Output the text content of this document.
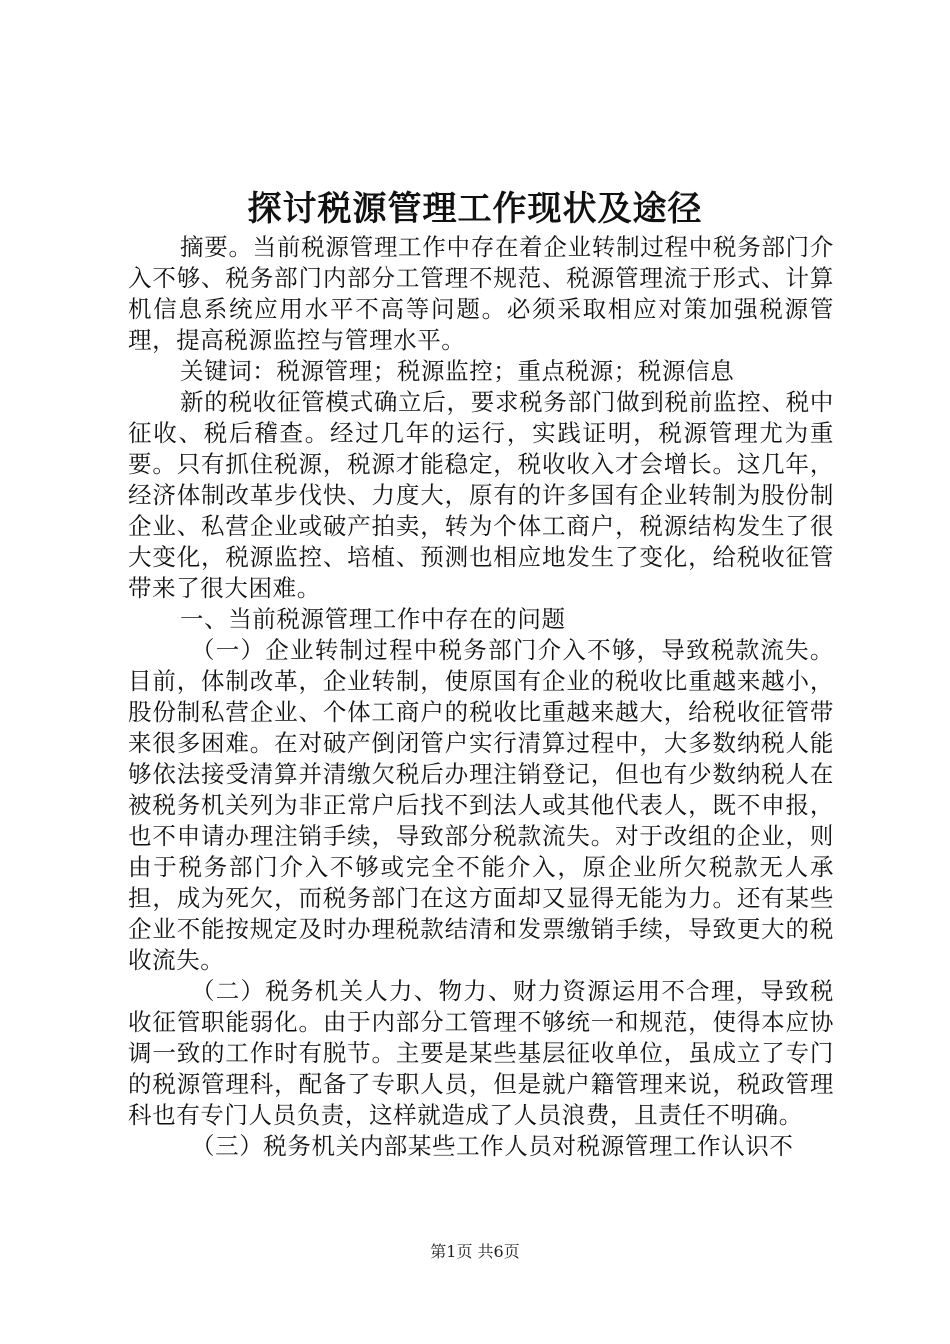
探讨税源管理工作现状及途径

摘要。当前税源管理工作中存在着企业转制过程中税务部门介入不够、税务部门内部分工管理不规范、税源管理流于形式、计算机信息系统应用水平不高等问题。必须采取相应对策加强税源管理，提高税源监控与管理水平。

关键词：税源管理；税源监控；重点税源；税源信息

新的税收征管模式确立后，要求税务部门做到税前监控、税中征收、税后稽查。经过几年的运行，实践证明，税源管理尤为重要。只有抓住税源，税源才能稳定，税收收入才会增长。这几年，经济体制改革步伐快、力度大，原有的许多国有企业转制为股份制企业、私营企业或破产拍卖，转为个体工商户，税源结构发生了很大变化，税源监控、培植、预测也相应地发生了变化，给税收征管带来了很大困难。

一、当前税源管理工作中存在的问题

（一）企业转制过程中税务部门介入不够，导致税款流失。目前，体制改革，企业转制，使原国有企业的税收比重越来越小，股份制私营企业、个体工商户的税收比重越来越大，给税收征管带来很多困难。在对破产倒闭管户实行清算过程中，大多数纳税人能够依法接受清算并清缴欠税后办理注销登记，但也有少数纳税人在被税务机关列为非正常户后找不到法人或其他代表人，既不申报，也不申请办理注销手续，导致部分税款流失。对于改组的企业，则由于税务部门介入不够或完全不能介入，原企业所欠税款无人承担，成为死欠，而税务部门在这方面却又显得无能为力。还有某些企业不能按规定及时办理税款结清和发票缴销手续，导致更大的税收流失。

（二）税务机关人力、物力、财力资源运用不合理，导致税收征管职能弱化。由于内部分工管理不够统一和规范，使得本应协调一致的工作时有脱节。主要是某些基层征收单位，虽成立了专门的税源管理科，配备了专职人员，但是就户籍管理来说，税政管理科也有专门人员负责，这样就造成了人员浪费，且责任不明确。

（三）税务机关内部某些工作人员对税源管理工作认识不

第1页 共6页
